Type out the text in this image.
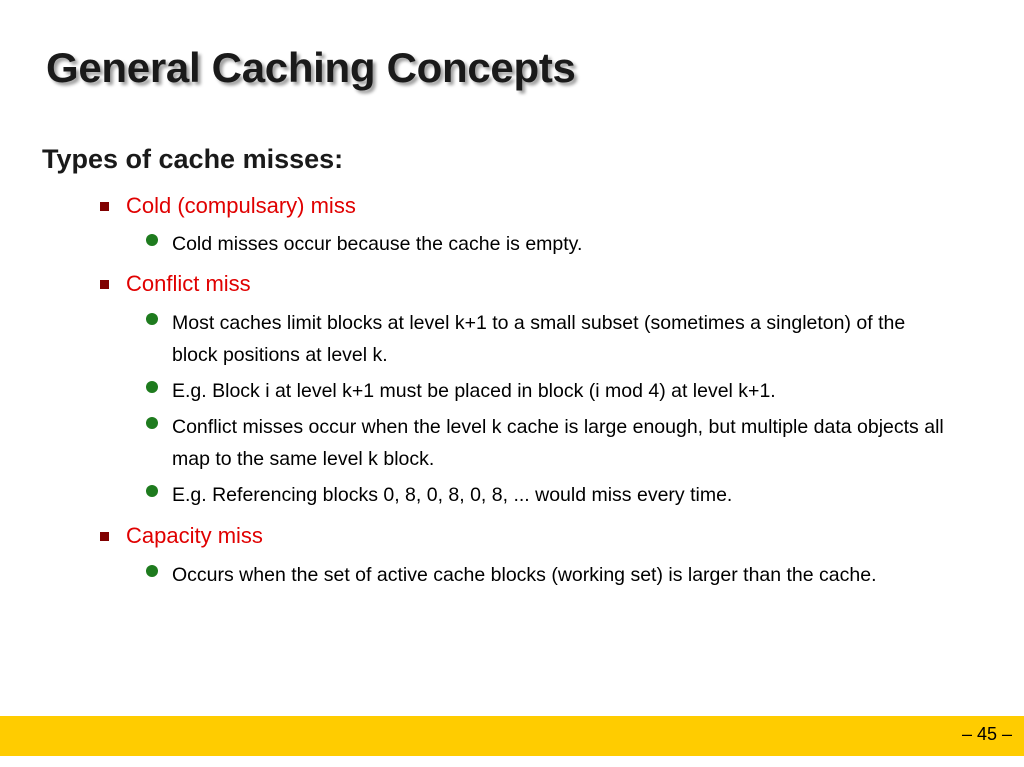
General Caching Concepts
Types of cache misses:
Cold (compulsary) miss
Cold misses occur because the cache is empty.
Conflict miss
Most caches limit blocks at level k+1 to a small subset (sometimes a singleton) of the block positions at level k.
E.g. Block i at level k+1 must be placed in block (i mod 4) at level k+1.
Conflict misses occur when the level k cache is large enough, but multiple data objects all map to the same level k block.
E.g. Referencing blocks 0, 8, 0, 8, 0, 8, ... would miss every time.
Capacity miss
Occurs when the set of active cache blocks (working set) is larger than the cache.
– 45 –
